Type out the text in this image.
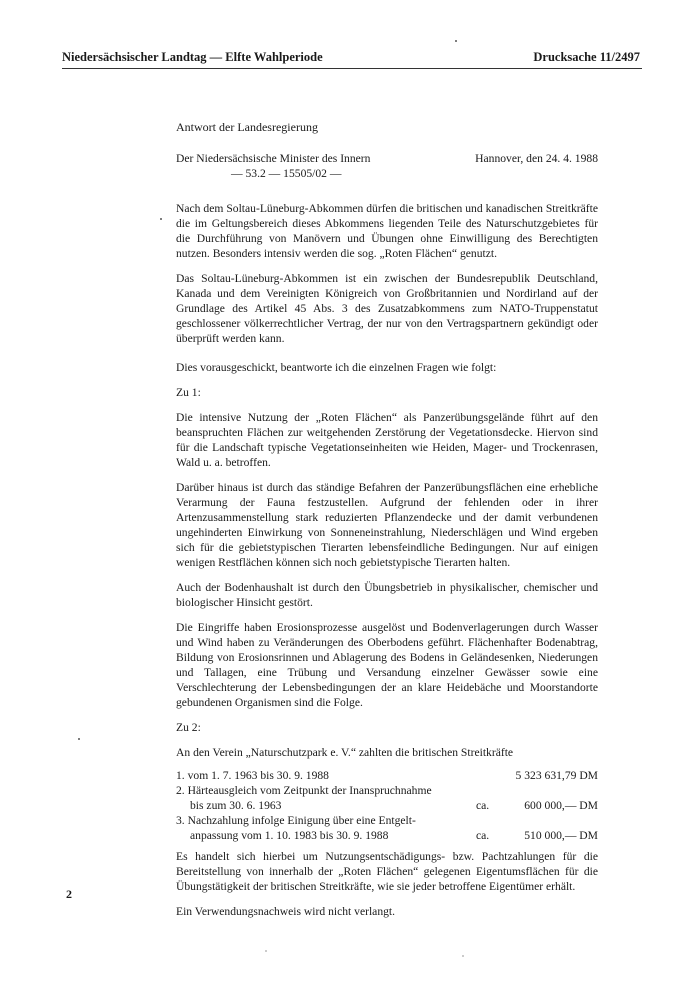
Niedersächsischer Landtag — Elfte Wahlperiode	Drucksache 11/2497
Antwort der Landesregierung
Der Niedersächsische Minister des Innern
— 53.2 — 15505/02 —
Hannover, den 24. 4. 1988

Nach dem Soltau-Lüneburg-Abkommen dürfen die britischen und kanadischen Streitkräfte die im Geltungsbereich dieses Abkommens liegenden Teile des Naturschutzgebietes für die Durchführung von Manövern und Übungen ohne Einwilligung des Berechtigten nutzen. Besonders intensiv werden die sog. „Roten Flächen“ genutzt.

Das Soltau-Lüneburg-Abkommen ist ein zwischen der Bundesrepublik Deutschland, Kanada und dem Vereinigten Königreich von Großbritannien und Nordirland auf der Grundlage des Artikel 45 Abs. 3 des Zusatzabkommens zum NATO-Truppenstatut geschlossener völkerrechtlicher Vertrag, der nur von den Vertragspartnern gekündigt oder überprüft werden kann.

Dies vorausgeschickt, beantworte ich die einzelnen Fragen wie folgt:

Zu 1:

Die intensive Nutzung der „Roten Flächen“ als Panzerübungsgelände führt auf den beanspruchten Flächen zur weitgehenden Zerstörung der Vegetationsdecke. Hiervon sind für die Landschaft typische Vegetationseinheiten wie Heiden, Mager- und Trockenrasen, Wald u. a. betroffen.

Darüber hinaus ist durch das ständige Befahren der Panzerübungsflächen eine erhebliche Verarmung der Fauna festzustellen. Aufgrund der fehlenden oder in ihrer Artenzusammenstellung stark reduzierten Pflanzendecke und der damit verbundenen ungehinderten Einwirkung von Sonneneinstrahlung, Niederschlägen und Wind ergeben sich für die gebietstypischen Tierarten lebensfeindliche Bedingungen. Nur auf einigen wenigen Restflächen können sich noch gebietstypische Tierarten halten.

Auch der Bodenhaushalt ist durch den Übungsbetrieb in physikalischer, chemischer und biologischer Hinsicht gestört.

Die Eingriffe haben Erosionsprozesse ausgelöst und Bodenverlagerungen durch Wasser und Wind haben zu Veränderungen des Oberbodens geführt. Flächenhafter Bodenabtrag, Bildung von Erosionsrinnen und Ablagerung des Bodens in Geländesenken, Niederungen und Tallagen, eine Trübung und Versandung einzelner Gewässer sowie eine Verschlechterung der Lebensbedingungen der an klare Heidebäche und Moorstandorte gebundenen Organismen sind die Folge.

Zu 2:

An den Verein „Naturschutzpark e. V.“ zahlten die britischen Streitkräfte

1. vom 1. 7. 1963 bis 30. 9. 1988	5 323 631,79 DM
2. Härteausgleich vom Zeitpunkt der Inanspruchnahme
bis zum 30. 6. 1963	ca.	600 000,— DM
3. Nachzahlung infolge Einigung über eine Entgelt-
anpassung vom 1. 10. 1983 bis 30. 9. 1988	ca.	510 000,— DM

Es handelt sich hierbei um Nutzungsentschädigungs- bzw. Pachtzahlungen für die Bereitstellung von innerhalb der „Roten Flächen“ gelegenen Eigentumsflächen für die Übungstätigkeit der britischen Streitkräfte, wie sie jeder betroffene Eigentümer erhält.

Ein Verwendungsnachweis wird nicht verlangt.

2
